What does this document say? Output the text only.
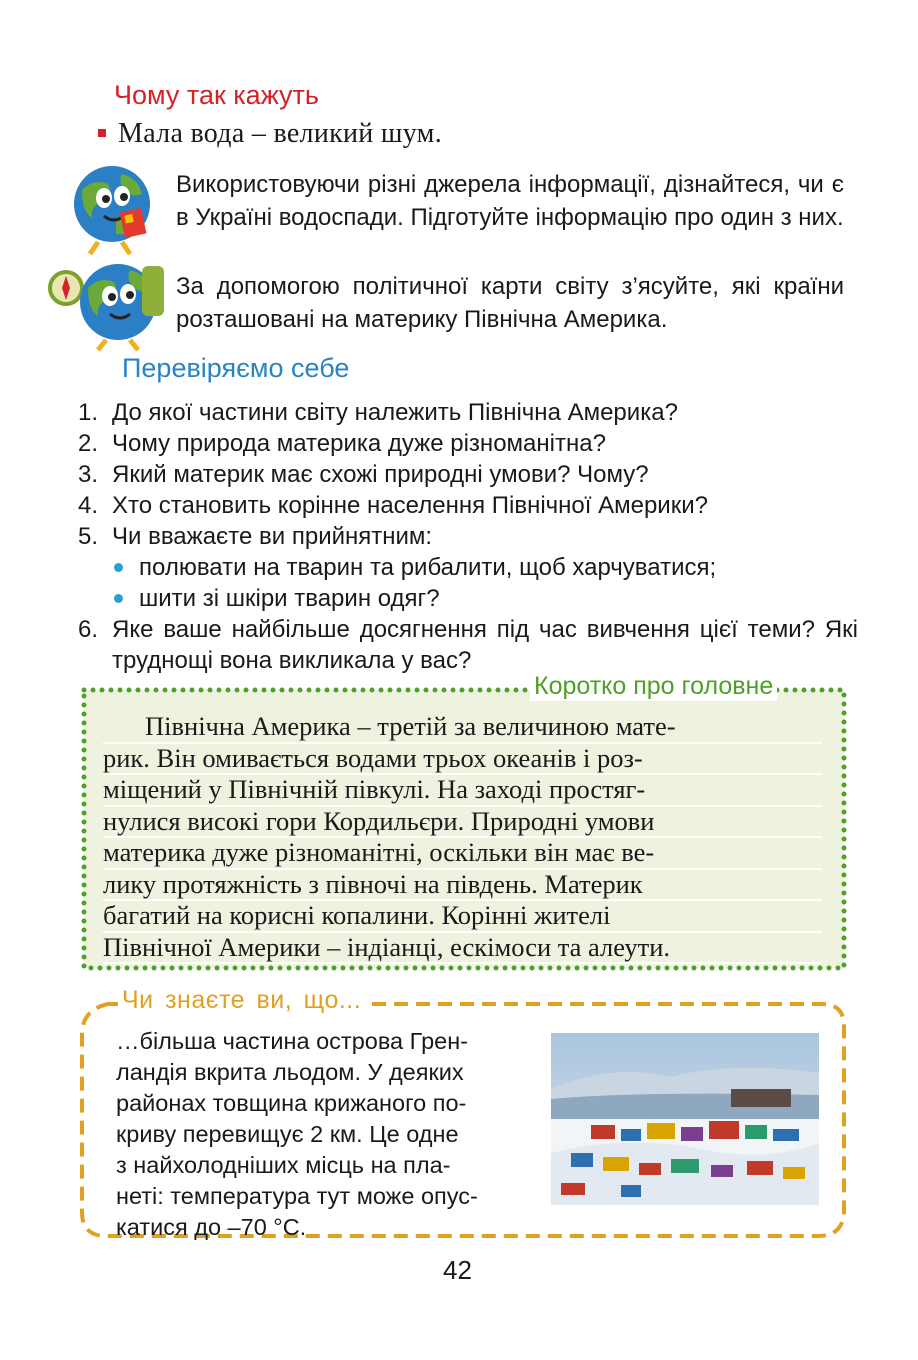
Чому так кажуть
Мала вода – великий шум.
Використовуючи різні джерела інформації, дізнайтеся, чи є в Україні водоспади. Підготуйте інформацію про один з них.
За допомогою політичної карти світу з’ясуйте, які країни розташовані на материку Північна Америка.
Перевіряємо себе
1. До якої частини світу належить Північна Америка?
2. Чому природа материка дуже різноманітна?
3. Який материк має схожі природні умови? Чому?
4. Хто становить корінне населення Північної Америки?
5. Чи вважаєте ви прийнятним:
полювати на тварин та рибалити, щоб харчуватися;
шити зі шкіри тварин одяг?
6. Яке ваше найбільше досягнення під час вивчення цієї теми? Які труднощі вона викликала у вас?
Коротко про головне
Північна Америка – третій за величиною мате-
рик. Він омивається водами трьох океанів і роз-
міщений у Північній півкулі. На заході простяг-
нулися високі гори Кордильєри. Природні умови
материка дуже різноманітні, оскільки він має ве-
лику протяжність з півночі на південь. Материк
багатий на корисні копалини. Корінні жителі
Північної Америки – індіанці, ескімоси та алеути.
Чи знаєте ви, що...
…більша частина острова Грен-
ландія вкрита льодом. У деяких
районах товщина крижаного по-
криву перевищує 2 км. Це одне
з найхолодніших місць на пла-
неті: температура тут може опус-
катися до –70 °С.
42
